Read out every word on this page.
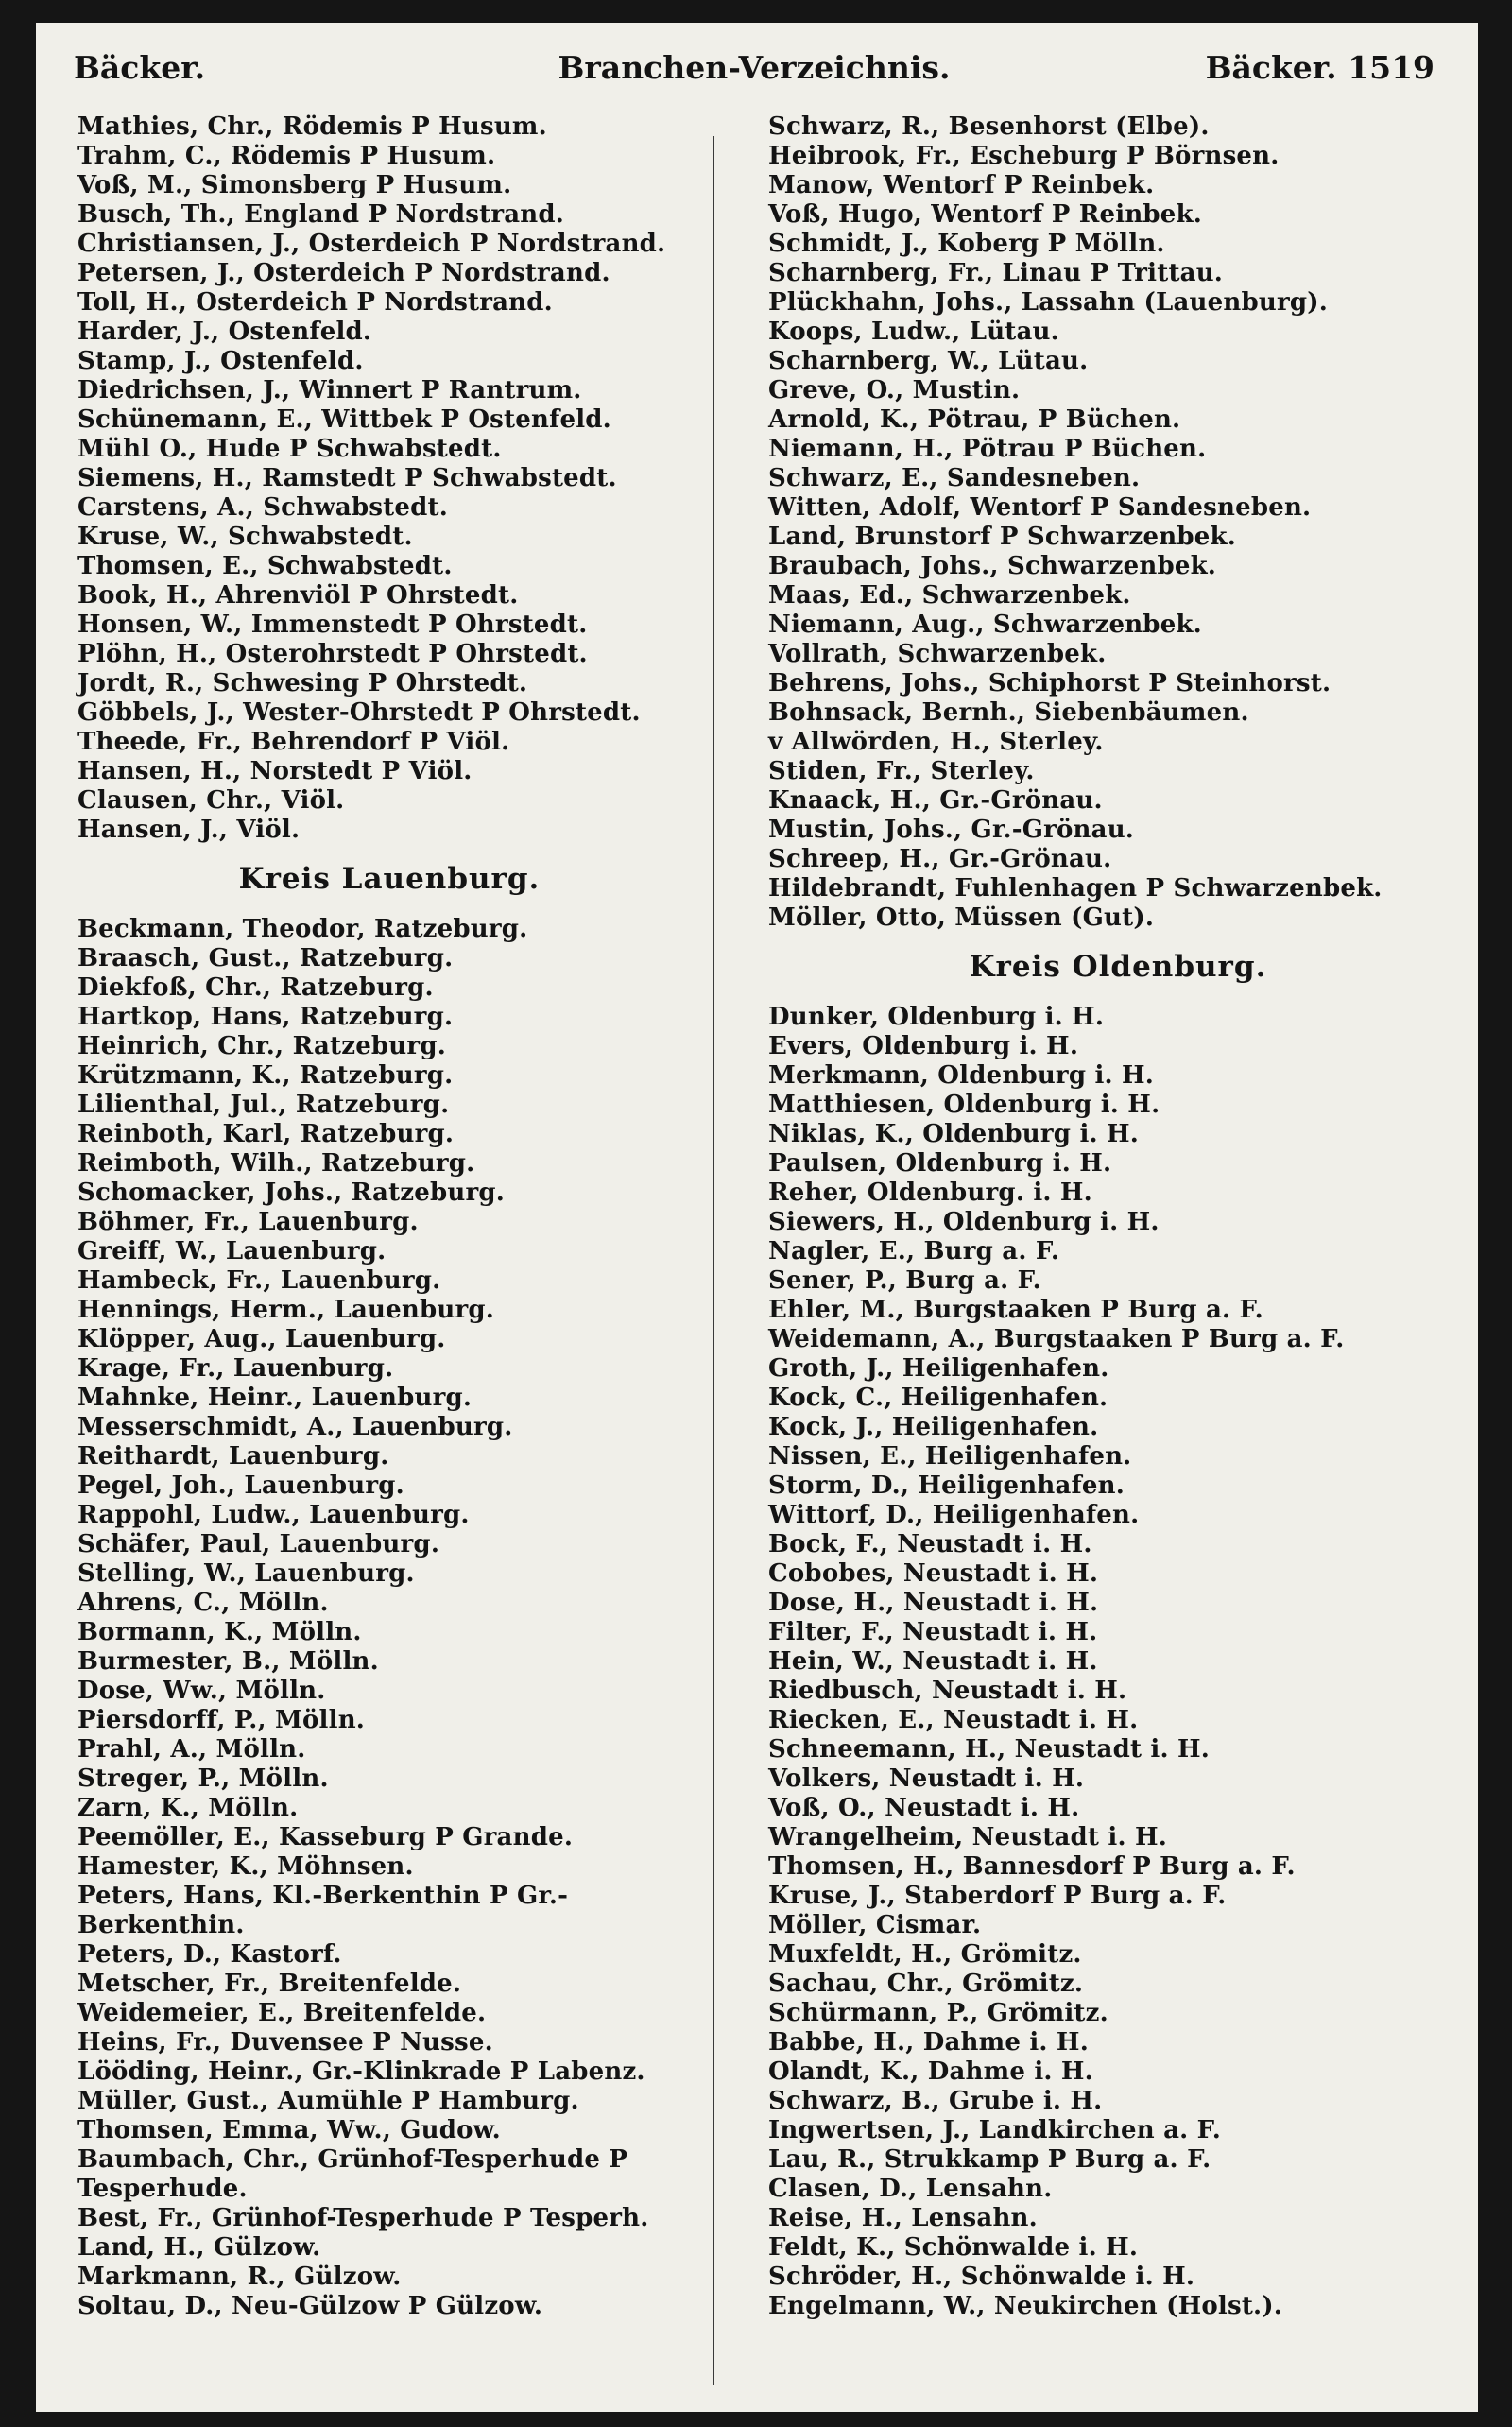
Bäcker.	Branchen-Verzeichnis.	Bäcker. 1519
Mathies, Chr., Rödemis P Husum.
Trahm, C., Rödemis P Husum.
Voß, M., Simonsberg P Husum.
Busch, Th., England P Nordstrand.
Christiansen, J., Osterdeich P Nordstrand.
Petersen, J., Osterdeich P Nordstrand.
Toll, H., Osterdeich P Nordstrand.
Harder, J., Ostenfeld.
Stamp, J., Ostenfeld.
Diedrichsen, J., Winnert P Rantrum.
Schünemann, E., Wittbek P Ostenfeld.
Mühl O., Hude P Schwabstedt.
Siemens, H., Ramstedt P Schwabstedt.
Carstens, A., Schwabstedt.
Kruse, W., Schwabstedt.
Thomsen, E., Schwabstedt.
Book, H., Ahrenviöl P Ohrstedt.
Honsen, W., Immenstedt P Ohrstedt.
Plöhn, H., Osterohrstedt P Ohrstedt.
Jordt, R., Schwesing P Ohrstedt.
Göbbels, J., Wester-Ohrstedt P Ohrstedt.
Theede, Fr., Behrendorf P Viöl.
Hansen, H., Norstedt P Viöl.
Clausen, Chr., Viöl.
Hansen, J., Viöl.
Kreis Lauenburg.
Beckmann, Theodor, Ratzeburg.
Braasch, Gust., Ratzeburg.
Diekfoß, Chr., Ratzeburg.
Hartkop, Hans, Ratzeburg.
Heinrich, Chr., Ratzeburg.
Krützmann, K., Ratzeburg.
Lilienthal, Jul., Ratzeburg.
Reinboth, Karl, Ratzeburg.
Reimboth, Wilh., Ratzeburg.
Schomacker, Johs., Ratzeburg.
Böhmer, Fr., Lauenburg.
Greiff, W., Lauenburg.
Hambeck, Fr., Lauenburg.
Hennings, Herm., Lauenburg.
Klöpper, Aug., Lauenburg.
Krage, Fr., Lauenburg.
Mahnke, Heinr., Lauenburg.
Messerschmidt, A., Lauenburg.
Reithardt, Lauenburg.
Pegel, Joh., Lauenburg.
Rappohl, Ludw., Lauenburg.
Schäfer, Paul, Lauenburg.
Stelling, W., Lauenburg.
Ahrens, C., Mölln.
Bormann, K., Mölln.
Burmester, B., Mölln.
Dose, Ww., Mölln.
Piersdorff, P., Mölln.
Prahl, A., Mölln.
Streger, P., Mölln.
Zarn, K., Mölln.
Peemöller, E., Kasseburg P Grande.
Hamester, K., Möhnsen.
Peters, Hans, Kl.-Berkenthin P Gr.-Berkenthin.
Peters, D., Kastorf.
Metscher, Fr., Breitenfelde.
Weidemeier, E., Breitenfelde.
Heins, Fr., Duvensee P Nusse.
Lööding, Heinr., Gr.-Klinkrade P Labenz.
Müller, Gust., Aumühle P Hamburg.
Thomsen, Emma, Ww., Gudow.
Baumbach, Chr., Grünhof-Tesperhude P Tesperhude.
Best, Fr., Grünhof-Tesperhude P Tesperh.
Land, H., Gülzow.
Markmann, R., Gülzow.
Soltau, D., Neu-Gülzow P Gülzow.
Schwarz, R., Besenhorst (Elbe).
Heibrook, Fr., Escheburg P Börnsen.
Manow, Wentorf P Reinbek.
Voß, Hugo, Wentorf P Reinbek.
Schmidt, J., Koberg P Mölln.
Scharnberg, Fr., Linau P Trittau.
Plückhahn, Johs., Lassahn (Lauenburg).
Koops, Ludw., Lütau.
Scharnberg, W., Lütau.
Greve, O., Mustin.
Arnold, K., Pötrau, P Büchen.
Niemann, H., Pötrau P Büchen.
Schwarz, E., Sandesneben.
Witten, Adolf, Wentorf P Sandesneben.
Land, Brunstorf P Schwarzenbek.
Braubach, Johs., Schwarzenbek.
Maas, Ed., Schwarzenbek.
Niemann, Aug., Schwarzenbek.
Vollrath, Schwarzenbek.
Behrens, Johs., Schiphorst P Steinhorst.
Bohnsack, Bernh., Siebenbäumen.
v Allwörden, H., Sterley.
Stiden, Fr., Sterley.
Knaack, H., Gr.-Grönau.
Mustin, Johs., Gr.-Grönau.
Schreep, H., Gr.-Grönau.
Hildebrandt, Fuhlenhagen P Schwarzenbek.
Möller, Otto, Müssen (Gut).
Kreis Oldenburg.
Dunker, Oldenburg i. H.
Evers, Oldenburg i. H.
Merkmann, Oldenburg i. H.
Matthiesen, Oldenburg i. H.
Niklas, K., Oldenburg i. H.
Paulsen, Oldenburg i. H.
Reher, Oldenburg. i. H.
Siewers, H., Oldenburg i. H.
Nagler, E., Burg a. F.
Sener, P., Burg a. F.
Ehler, M., Burgstaaken P Burg a. F.
Weidemann, A., Burgstaaken P Burg a. F.
Groth, J., Heiligenhafen.
Kock, C., Heiligenhafen.
Kock, J., Heiligenhafen.
Nissen, E., Heiligenhafen.
Storm, D., Heiligenhafen.
Wittorf, D., Heiligenhafen.
Bock, F., Neustadt i. H.
Cobobes, Neustadt i. H.
Dose, H., Neustadt i. H.
Filter, F., Neustadt i. H.
Hein, W., Neustadt i. H.
Riedbusch, Neustadt i. H.
Riecken, E., Neustadt i. H.
Schneemann, H., Neustadt i. H.
Volkers, Neustadt i. H.
Voß, O., Neustadt i. H.
Wrangelheim, Neustadt i. H.
Thomsen, H., Bannesdorf P Burg a. F.
Kruse, J., Staberdorf P Burg a. F.
Möller, Cismar.
Muxfeldt, H., Grömitz.
Sachau, Chr., Grömitz.
Schürmann, P., Grömitz.
Babbe, H., Dahme i. H.
Olandt, K., Dahme i. H.
Schwarz, B., Grube i. H.
Ingwertsen, J., Landkirchen a. F.
Lau, R., Strukkamp P Burg a. F.
Clasen, D., Lensahn.
Reise, H., Lensahn.
Feldt, K., Schönwalde i. H.
Schröder, H., Schönwalde i. H.
Engelmann, W., Neukirchen (Holst.).
